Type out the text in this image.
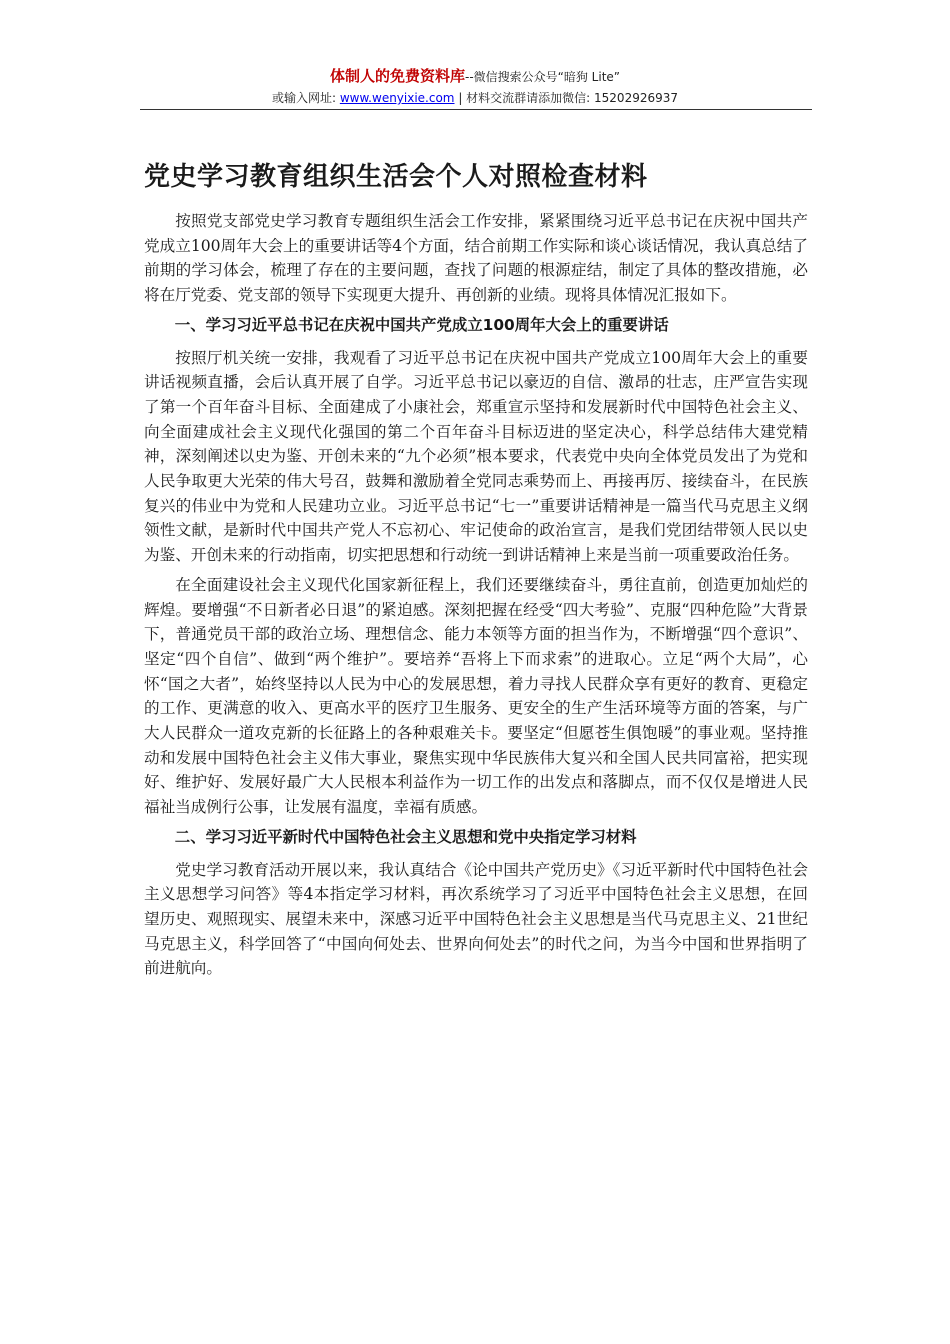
体制人的免费资料库--微信搜索公众号“暗狗 Lite”
或输入网址: www.wenyixie.com | 材料交流群请添加微信: 15202926937
党史学习教育组织生活会个人对照检查材料

按照党支部党史学习教育专题组织生活会工作安排，紧紧围绕习近平总书记在庆祝中国共产党成立100周年大会上的重要讲话等4个方面，结合前期工作实际和谈心谈话情况，我认真总结了前期的学习体会，梳理了存在的主要问题，查找了问题的根源症结，制定了具体的整改措施，必将在厅党委、党支部的领导下实现更大提升、再创新的业绩。现将具体情况汇报如下。

一、学习习近平总书记在庆祝中国共产党成立100周年大会上的重要讲话

按照厅机关统一安排，我观看了习近平总书记在庆祝中国共产党成立100周年大会上的重要讲话视频直播，会后认真开展了自学。习近平总书记以豪迈的自信、激昂的壮志，庄严宣告实现了第一个百年奋斗目标、全面建成了小康社会，郑重宣示坚持和发展新时代中国特色社会主义、向全面建成社会主义现代化强国的第二个百年奋斗目标迈进的坚定决心，科学总结伟大建党精神，深刻阐述以史为鉴、开创未来的“九个必须”根本要求，代表党中央向全体党员发出了为党和人民争取更大光荣的伟大号召，鼓舞和激励着全党同志乘势而上、再接再厉、接续奋斗，在民族复兴的伟业中为党和人民建功立业。习近平总书记“七一”重要讲话精神是一篇当代马克思主义纲领性文献，是新时代中国共产党人不忘初心、牢记使命的政治宣言，是我们党团结带领人民以史为鉴、开创未来的行动指南，切实把思想和行动统一到讲话精神上来是当前一项重要政治任务。

在全面建设社会主义现代化国家新征程上，我们还要继续奋斗，勇往直前，创造更加灿烂的辉煌。要增强“不日新者必日退”的紧迫感。深刻把握在经受“四大考验”、克服“四种危险”大背景下，普通党员干部的政治立场、理想信念、能力本领等方面的担当作为，不断增强“四个意识”、坚定“四个自信”、做到“两个维护”。要培养“吾将上下而求索”的进取心。立足“两个大局”，心怀“国之大者”，始终坚持以人民为中心的发展思想，着力寻找人民群众享有更好的教育、更稳定的工作、更满意的收入、更高水平的医疗卫生服务、更安全的生产生活环境等方面的答案，与广大人民群众一道攻克新的长征路上的各种艰难关卡。要坚定“但愿苍生俱饱暖”的事业观。坚持推动和发展中国特色社会主义伟大事业，聚焦实现中华民族伟大复兴和全国人民共同富裕，把实现好、维护好、发展好最广大人民根本利益作为一切工作的出发点和落脚点，而不仅仅是增进人民福祉当成例行公事，让发展有温度，幸福有质感。

二、学习习近平新时代中国特色社会主义思想和党中央指定学习材料

党史学习教育活动开展以来，我认真结合《论中国共产党历史》《习近平新时代中国特色社会主义思想学习问答》等4本指定学习材料，再次系统学习了习近平中国特色社会主义思想，在回望历史、观照现实、展望未来中，深感习近平中国特色社会主义思想是当代马克思主义、21世纪马克思主义，科学回答了“中国向何处去、世界向何处去”的时代之问，为当今中国和世界指明了前进航向。
